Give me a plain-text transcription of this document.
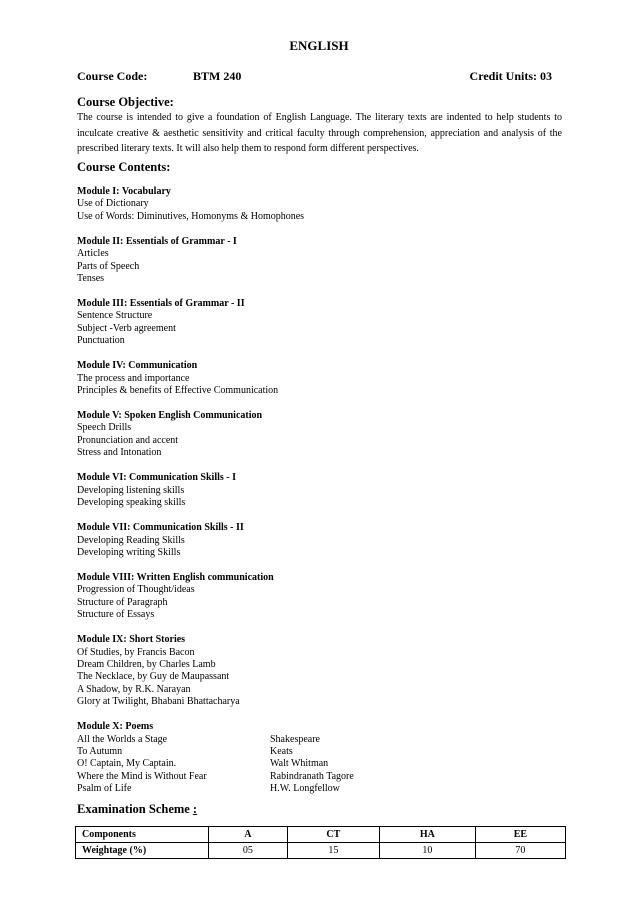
ENGLISH
Course Code:	BTM 240	Credit Units: 03
Course Objective:
The course is intended to give a foundation of English Language. The literary texts are indented to help students to inculcate creative & aesthetic sensitivity and critical faculty through comprehension, appreciation and analysis of the prescribed literary texts. It will also help them to respond form different perspectives.
Course Contents:
Module I: Vocabulary
Use of Dictionary
Use of Words: Diminutives, Homonyms & Homophones
Module II: Essentials of Grammar - I
Articles
Parts of Speech
Tenses
Module III: Essentials of Grammar - II
Sentence Structure
Subject -Verb agreement
Punctuation
Module IV: Communication
The process and importance
Principles & benefits of Effective Communication
Module V: Spoken English Communication
Speech Drills
Pronunciation and accent
Stress and Intonation
Module VI: Communication Skills - I
Developing listening skills
Developing speaking skills
Module VII: Communication Skills - II
Developing Reading Skills
Developing writing Skills
Module VIII: Written English communication
Progression of Thought/ideas
Structure of Paragraph
Structure of Essays
Module IX: Short Stories
Of Studies, by Francis Bacon
Dream Children, by Charles Lamb
The Necklace, by Guy de Maupassant
A Shadow, by R.K. Narayan
Glory at Twilight, Bhabani Bhattacharya
Module X: Poems
All the Worlds a Stage	Shakespeare
To Autumn	Keats
O! Captain, My Captain.	Walt Whitman
Where the Mind is Without Fear	Rabindranath Tagore
Psalm of Life	H.W. Longfellow
Examination Scheme :
Components	A	CT	HA	EE
Weightage (%)	05	15	10	70
